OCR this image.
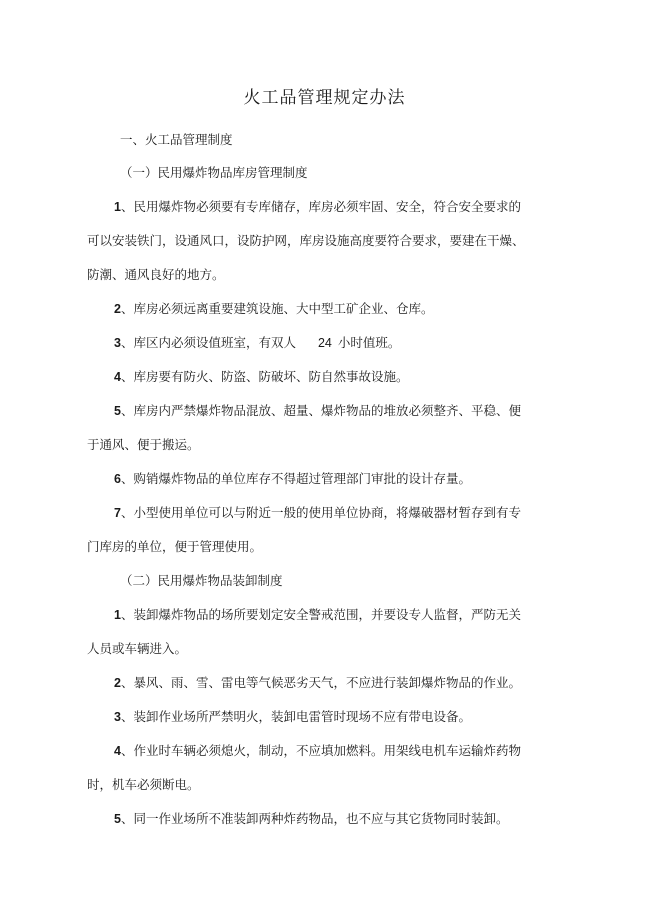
火工品管理规定办法
一、火工品管理制度
（一）民用爆炸物品库房管理制度
1、民用爆炸物必须要有专库储存，库房必须牢固、安全，符合安全要求的
可以安装铁门，设通风口，设防护网，库房设施高度要符合要求，要建在干燥、
防潮、通风良好的地方。
2、库房必须远离重要建筑设施、大中型工矿企业、仓库。
3、库区内必须设值班室，有双人 24 小时值班。
4、库房要有防火、防盗、防破坏、防自然事故设施。
5、库房内严禁爆炸物品混放、超量、爆炸物品的堆放必须整齐、平稳、便
于通风、便于搬运。
6、购销爆炸物品的单位库存不得超过管理部门审批的设计存量。
7、小型使用单位可以与附近一般的使用单位协商，将爆破器材暂存到有专
门库房的单位，便于管理使用。
（二）民用爆炸物品装卸制度
1、装卸爆炸物品的场所要划定安全警戒范围，并要设专人监督，严防无关
人员或车辆进入。
2、暴风、雨、雪、雷电等气候恶劣天气，不应进行装卸爆炸物品的作业。
3、装卸作业场所严禁明火，装卸电雷管时现场不应有带电设备。
4、作业时车辆必须熄火，制动，不应填加燃料。用架线电机车运输炸药物
时，机车必须断电。
5、同一作业场所不准装卸两种炸药物品，也不应与其它货物同时装卸。
